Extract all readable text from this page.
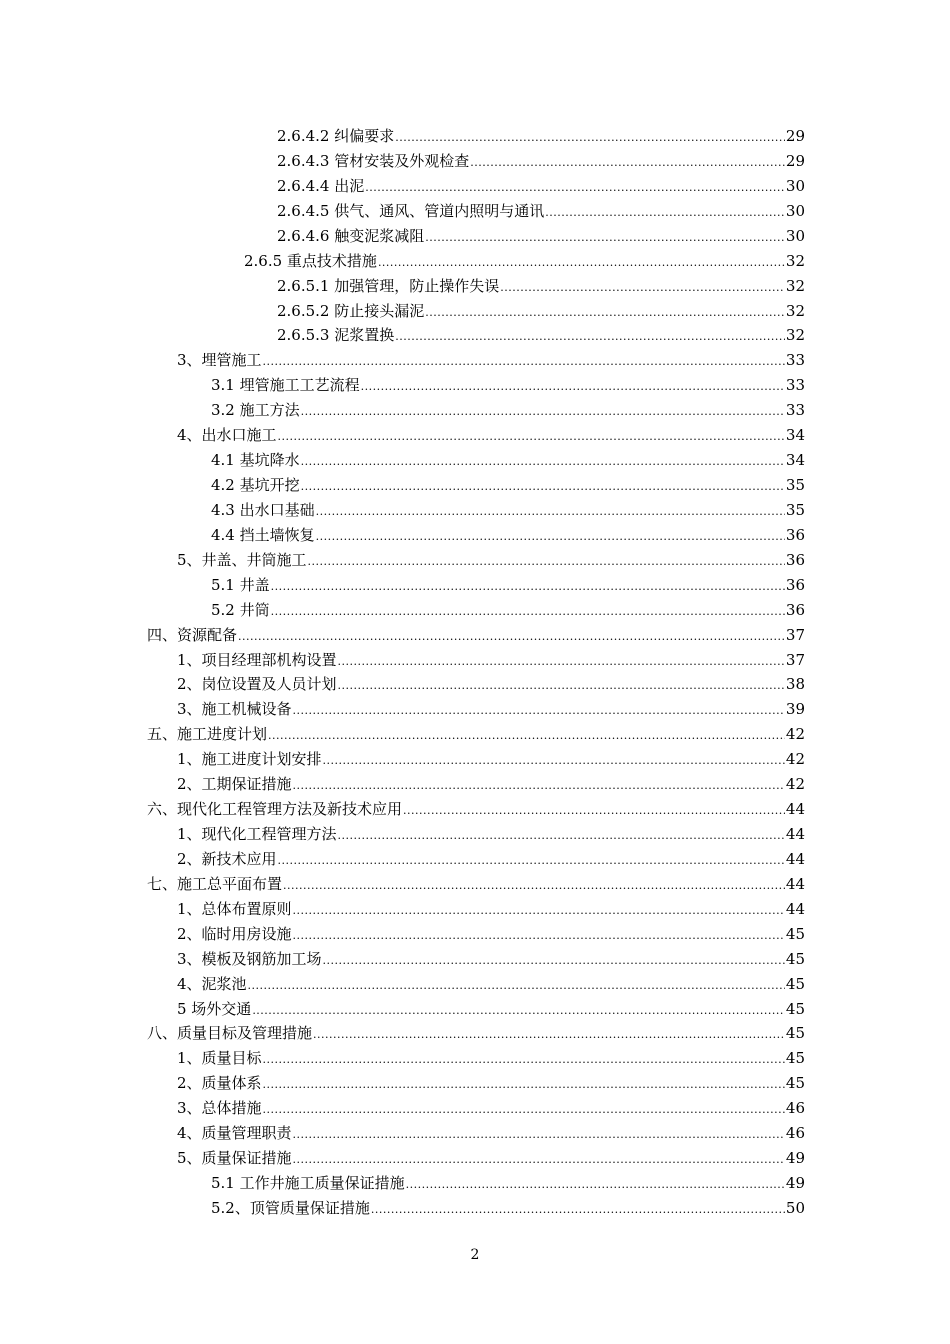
2.6.4.2 纠偏要求 .....	29
2.6.4.3 管材安装及外观检查 .....	29
2.6.4.4 出泥 .....	30
2.6.4.5 供气、通风、管道内照明与通讯 .....	30
2.6.4.6 触变泥浆减阻 .....	30
2.6.5 重点技术措施 .....	32
2.6.5.1 加强管理，防止操作失误 .....	32
2.6.5.2 防止接头漏泥 .....	32
2.6.5.3 泥浆置换 .....	32
3、埋管施工 .....	33
3.1 埋管施工工艺流程 .....	33
3.2 施工方法 .....	33
4、出水口施工 .....	34
4.1 基坑降水 .....	34
4.2 基坑开挖 .....	35
4.3 出水口基础 .....	35
4.4 挡土墙恢复 .....	36
5、井盖、井筒施工 .....	36
5.1 井盖 .....	36
5.2 井筒 .....	36
四、资源配备 .....	37
1、项目经理部机构设置 .....	37
2、岗位设置及人员计划 .....	38
3、施工机械设备 .....	39
五、施工进度计划 .....	42
1、施工进度计划安排 .....	42
2、工期保证措施 .....	42
六、现代化工程管理方法及新技术应用 .....	44
1、现代化工程管理方法 .....	44
2、新技术应用 .....	44
七、施工总平面布置 .....	44
1、总体布置原则 .....	44
2、临时用房设施 .....	45
3、模板及钢筋加工场 .....	45
4、泥浆池 .....	45
5 场外交通 .....	45
八、质量目标及管理措施 .....	45
1、质量目标 .....	45
2、质量体系 .....	45
3、总体措施 .....	46
4、质量管理职责 .....	46
5、质量保证措施 .....	49
5.1 工作井施工质量保证措施 .....	49
5.2、顶管质量保证措施 .....	50
2
